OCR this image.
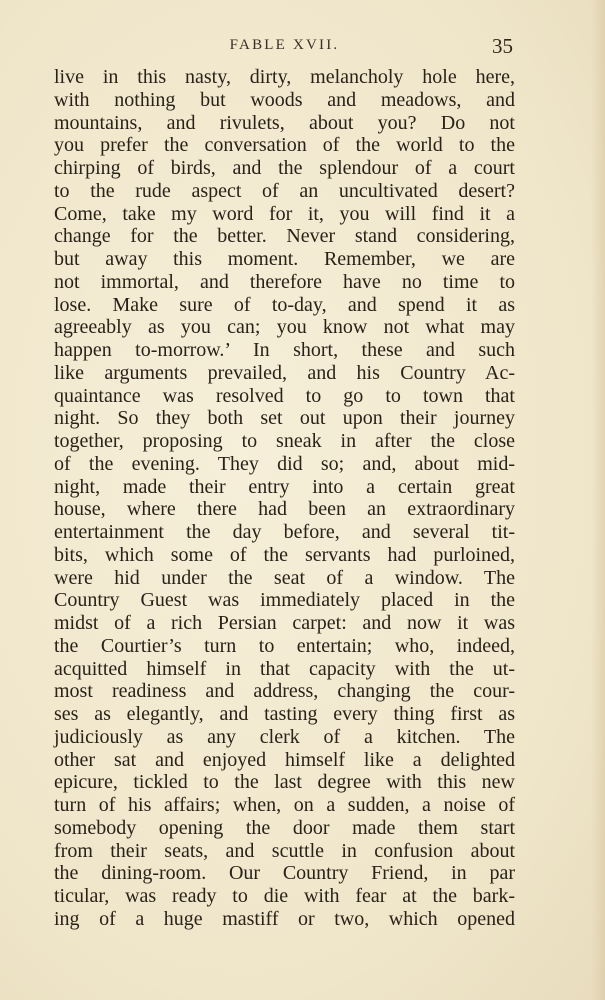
FABLE XVII.	35
live in this nasty, dirty, melancholy hole here,
with nothing but woods and meadows, and
mountains, and rivulets, about you? Do not
you prefer the conversation of the world to the
chirping of birds, and the splendour of a court
to the rude aspect of an uncultivated desert?
Come, take my word for it, you will find it a
change for the better. Never stand considering,
but away this moment. Remember, we are
not immortal, and therefore have no time to
lose. Make sure of to-day, and spend it as
agreeably as you can; you know not what may
happen to-morrow.’ In short, these and such
like arguments prevailed, and his Country Ac-
quaintance was resolved to go to town that
night. So they both set out upon their journey
together, proposing to sneak in after the close
of the evening. They did so; and, about mid-
night, made their entry into a certain great
house, where there had been an extraordinary
entertainment the day before, and several tit-
bits, which some of the servants had purloined,
were hid under the seat of a window. The
Country Guest was immediately placed in the
midst of a rich Persian carpet: and now it was
the Courtier’s turn to entertain; who, indeed,
acquitted himself in that capacity with the ut-
most readiness and address, changing the cour-
ses as elegantly, and tasting every thing first as
judiciously as any clerk of a kitchen. The
other sat and enjoyed himself like a delighted
epicure, tickled to the last degree with this new
turn of his affairs; when, on a sudden, a noise of
somebody opening the door made them start
from their seats, and scuttle in confusion about
the dining-room. Our Country Friend, in par
ticular, was ready to die with fear at the bark-
ing of a huge mastiff or two, which opened
